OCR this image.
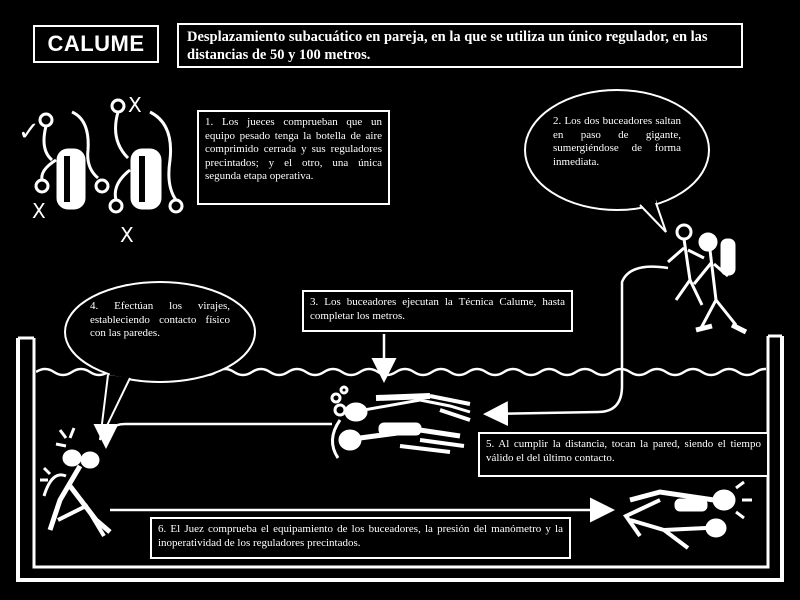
✓
X
X
X
CALUME	Desplazamiento subacuático en pareja, en la que se utiliza un único regulador, en las distancias de 50 y 100 metros.
1. Los jueces comprueban que un equipo pesado tenga la botella de aire comprimido cerrada y sus reguladores precintados; y el otro, una única segunda etapa operativa.
2. Los dos buceadores saltan en paso de gigante, sumergiéndose de forma inmediata.
3. Los buceadores ejecutan la Técnica Calume, hasta completar los metros.
4. Efectúan los virajes, estableciendo contacto físico con las paredes.
5. Al cumplir la distancia, tocan la pared, siendo el tiempo válido el del último contacto.
6. El Juez comprueba el equipamiento de los buceadores, la presión del manómetro y la inoperatividad de los reguladores precintados.
